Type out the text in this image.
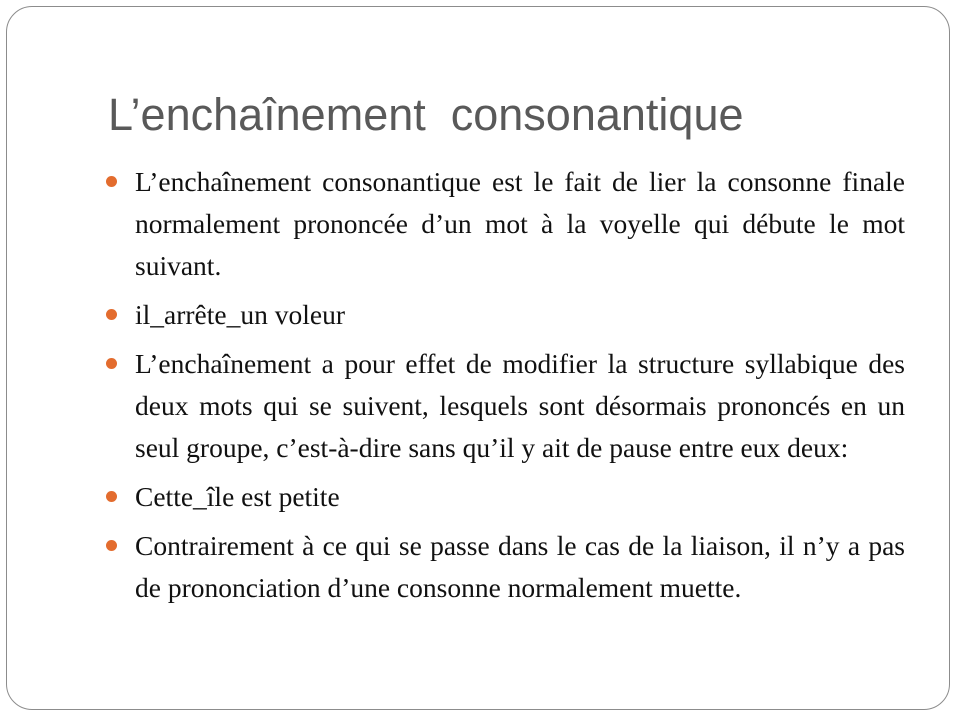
L’enchaînement  consonantique
L’enchaînement consonantique est le fait de lier la consonne finale normalement prononcée d’un mot à la voyelle qui débute le mot suivant.
il_arrête_un voleur
L’enchaînement a pour effet de modifier la structure syllabique des deux mots qui se suivent, lesquels sont désormais prononcés en un seul groupe, c’est-à-dire sans qu’il y ait de pause entre eux deux:
Cette_île est petite
Contrairement à ce qui se passe dans le cas de la liaison, il n’y a pas de prononciation d’une consonne normalement muette.
